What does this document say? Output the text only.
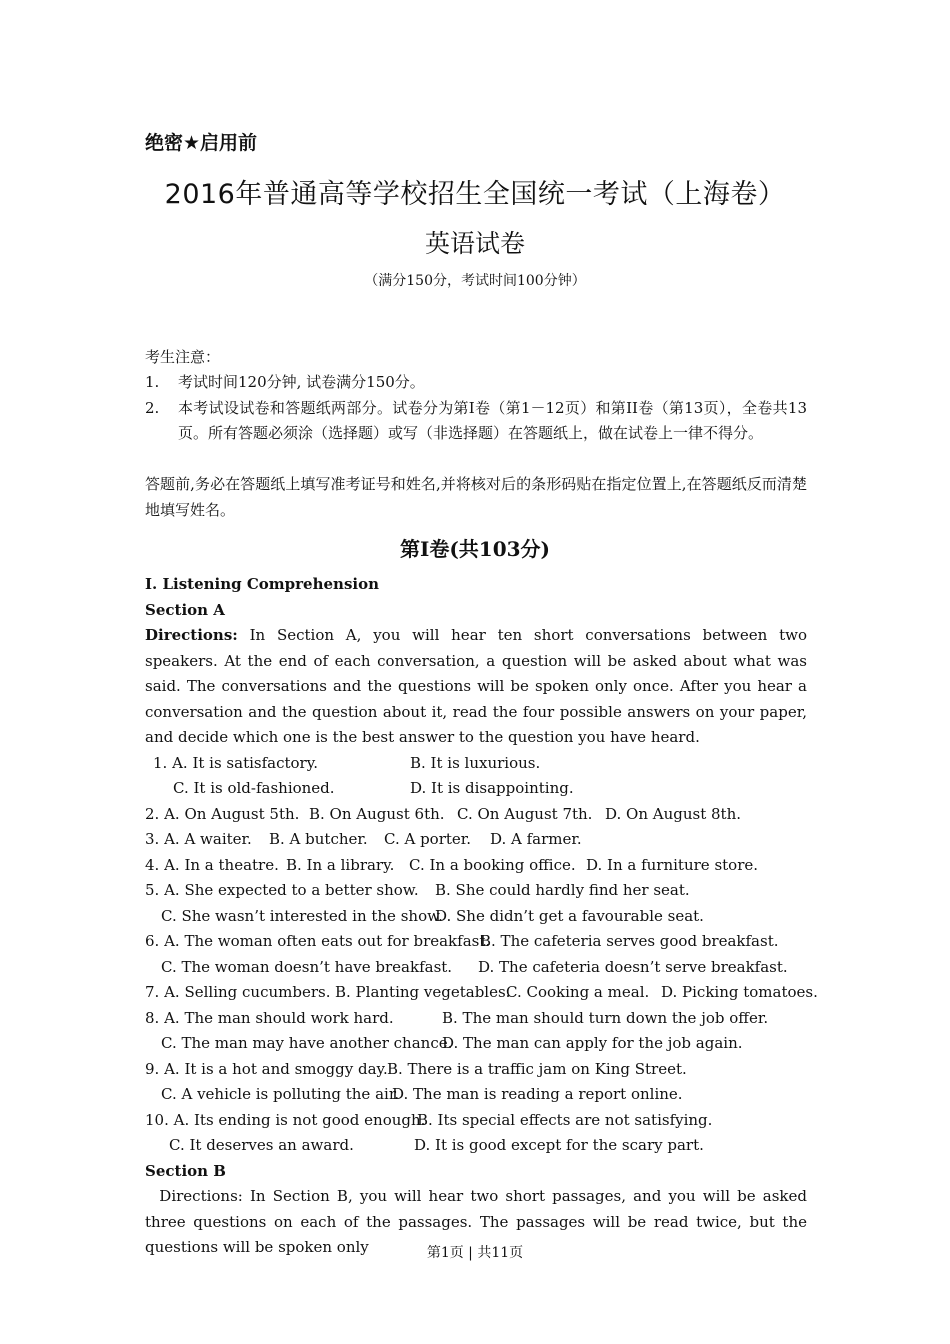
绝密★启用前
2016年普通高等学校招生全国统一考试（上海卷）
英语试卷
（满分150分，考试时间100分钟）
考生注意：
1. 考试时间120分钟, 试卷满分150分。
2. 本考试设试卷和答题纸两部分。试卷分为第I卷（第1－12页）和第II卷（第13页），全卷共13页。所有答题必须涂（选择题）或写（非选择题）在答题纸上，做在试卷上一律不得分。
答题前,务必在答题纸上填写准考证号和姓名,并将核对后的条形码贴在指定位置上,在答题纸反而清楚地填写姓名。
第I卷(共103分)
I. Listening Comprehension
Section A
Directions: In Section A, you will hear ten short conversations between two speakers. At the end of each conversation, a question will be asked about what was said. The conversations and the questions will be spoken only once. After you hear a conversation and the question about it, read the four possible answers on your paper, and decide which one is the best answer to the question you have heard.
1. A. It is satisfactory.	B. It is luxurious.
C. It is old-fashioned.	D. It is disappointing.
2. A. On August 5th. B. On August 6th. C. On August 7th. D. On August 8th.
3. A. A waiter. B. A butcher. C. A porter. D. A farmer.
4. A. In a theatre. B. In a library. C. In a booking office. D. In a furniture store.
5. A. She expected to a better show. B. She could hardly find her seat.
C. She wasn’t interested in the show.
D. She didn’t get a favourable seat.
6. A. The woman often eats out for breakfast.
B. The cafeteria serves good breakfast.
C. The woman doesn’t have breakfast. D. The cafeteria doesn’t serve breakfast.
7. A. Selling cucumbers. B. Planting vegetables.
C. Cooking a meal. D. Picking tomatoes.
8. A. The man should work hard.	B. The man should turn down the job offer.
C. The man may have another chance.
D. The man can apply for the job again.
9. A. It is a hot and smoggy day. B. There is a traffic jam on King Street.
C. A vehicle is polluting the air.
D. The man is reading a report online.
10. A. Its ending is not good enough.
B. Its special effects are not satisfying.
C. It deserves an award.	D. It is good except for the scary part.
Section B
Directions: In Section B, you will hear two short passages, and you will be asked three questions on each of the passages. The passages will be read twice, but the questions will be spoken only	第1页 | 共11页
